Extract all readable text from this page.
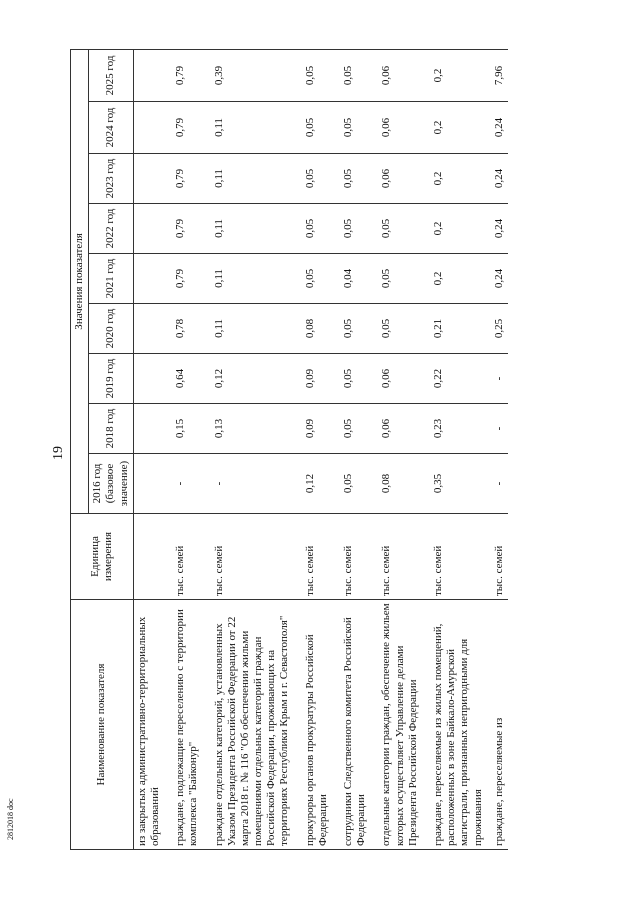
19
2812018 doc
Наименование показателя	Единица измерения	Значения показателя								
		2016 год (базовое значение)	2018 год	2019 год	2020 год	2021 год	2022 год	2023 год	2024 год	2025 год
из закрытых административно-территориальных образований										
граждане, подлежащие переселению с территории комплекса "Байконур"	тыс. семей	-	0,15	0,64	0,78	0,79	0,79	0,79	0,79	0,79
граждане отдельных категорий, установленных Указом Президента Российской Федерации от 22 марта 2018 г. № 116 "Об обеспечении жильми помещениями отдельных категорий граждан Российской Федерации, проживающих на территориях Республики Крым и г. Севастополя"	тыс. семей	-	0,13	0,12	0,11	0,11	0,11	0,11	0,11	0,39
прокуроры органов прокуратуры Российской Федерации	тыс. семей	0,12	0,09	0,09	0,08	0,05	0,05	0,05	0,05	0,05
сотрудники Следственного комитета Российской Федерации	тыс. семей	0,05	0,05	0,05	0,05	0,04	0,05	0,05	0,05	0,05
отдельные категории граждан, обеспечение жильем которых осуществляет Управление делами Президента Российской Федерации	тыс. семей	0,08	0,06	0,06	0,05	0,05	0,05	0,06	0,06	0,06
граждане, переселяемые из жилых помещений, расположенных в зоне Байкало-Амурской магистрали, признанных непригодными для проживания	тыс. семей	0,35	0,23	0,22	0,21	0,2	0,2	0,2	0,2	0,2
граждане, переселяемые из	тыс. семей	-	-	-	0,25	0,24	0,24	0,24	0,24	7,96
